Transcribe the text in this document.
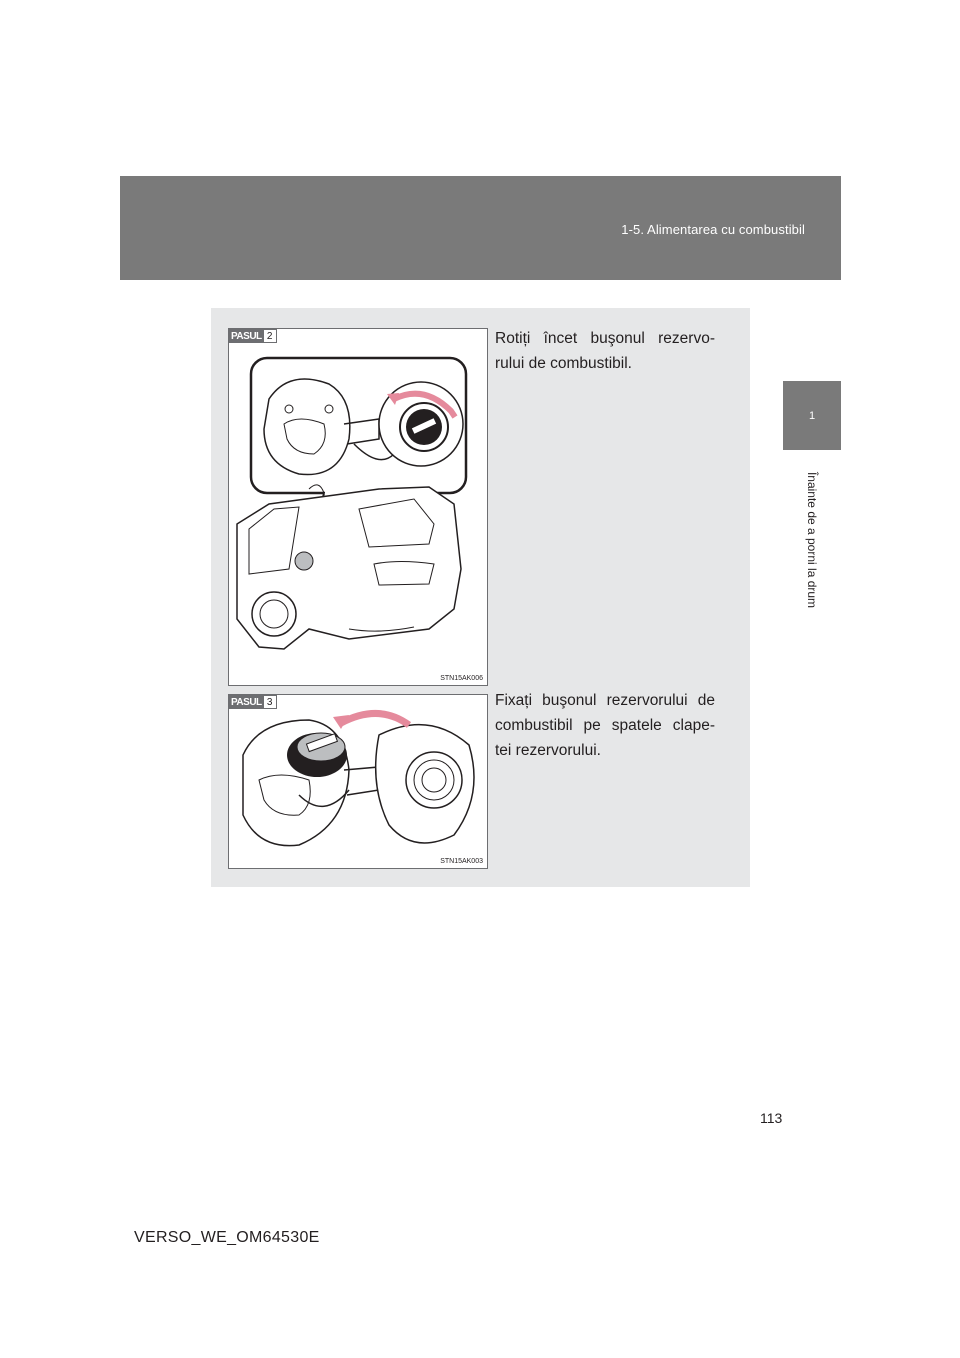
1-5. Alimentarea cu combustibil
1
Înainte de a porni la drum
PASUL 2
STN15AK006
Rotiți încet buşonul rezervo- rului de combustibil.
PASUL 3
STN15AK003
Fixați buşonul rezervorului de combustibil pe spatele clape- tei rezervorului.
113
VERSO_WE_OM64530E
